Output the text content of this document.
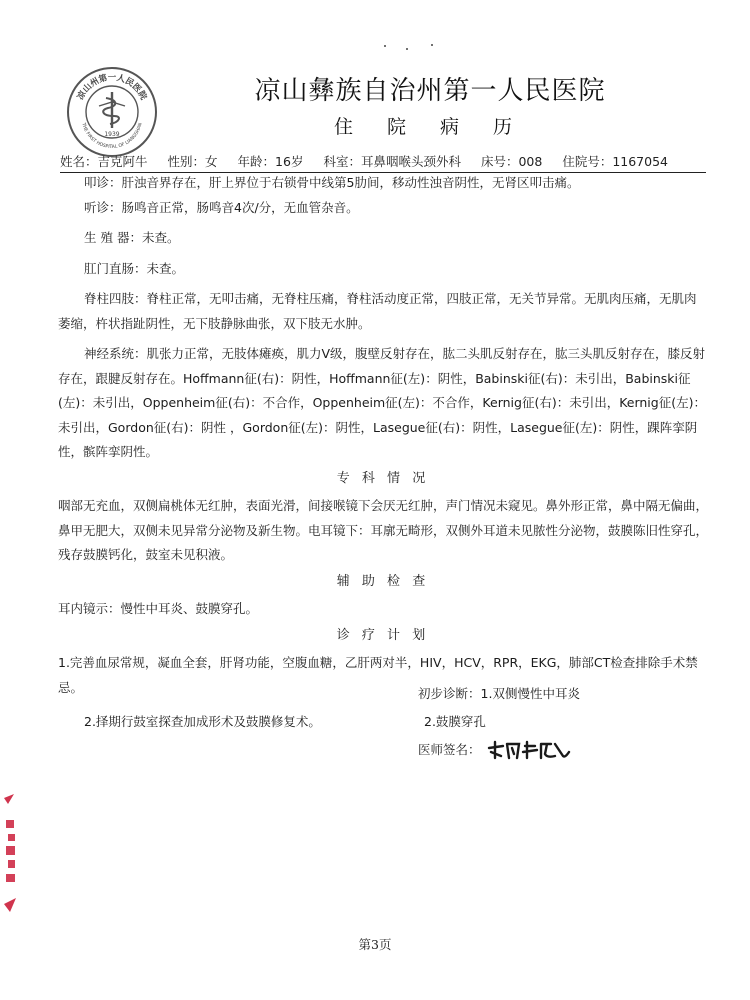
凉山州第一人民医院
THE FIRST HOSPITAL OF LIANGSHAN
1939
凉山彝族自治州第一人民医院
住 院 病 历
姓名：吉克阿牛 性别：女 年龄：16岁 科室：耳鼻咽喉头颈外科 床号：008 住院号：1167054

叩诊：肝浊音界存在，肝上界位于右锁骨中线第5肋间，移动性浊音阴性，无肾区叩击痛。

听诊：肠鸣音正常，肠鸣音4次/分，无血管杂音。

生 殖 器：未查。

肛门直肠：未查。

脊柱四肢：脊柱正常，无叩击痛，无脊柱压痛，脊柱活动度正常，四肢正常，无关节异常。无肌肉压痛，无肌肉萎缩，杵状指趾阴性，无下肢静脉曲张，双下肢无水肿。

神经系统：肌张力正常，无肢体瘫痪，肌力Ⅴ级，腹壁反射存在，肱二头肌反射存在，肱三头肌反射存在，膝反射存在，跟腱反射存在。Hoffmann征(右)：阴性，Hoffmann征(左)：阴性，Babinski征(右)：未引出，Babinski征(左)：未引出，Oppenheim征(右)：不合作，Oppenheim征(左)：不合作，Kernig征(右)：未引出，Kernig征(左)：未引出，Gordon征(右)：阴性 ，Gordon征(左)：阴性，Lasegue征(右)：阴性，Lasegue征(左)：阴性，踝阵挛阴性，髌阵挛阴性。

专 科 情 况

咽部无充血，双侧扁桃体无红肿，表面光滑，间接喉镜下会厌无红肿，声门情况未窥见。鼻外形正常，鼻中隔无偏曲，鼻甲无肥大，双侧未见异常分泌物及新生物。电耳镜下：耳廓无畸形，双侧外耳道未见脓性分泌物，鼓膜陈旧性穿孔，残存鼓膜钙化，鼓室未见积液。

辅 助 检 查

耳内镜示：慢性中耳炎、鼓膜穿孔。

诊 疗 计 划

1.完善血尿常规，凝血全套，肝肾功能，空腹血糖，乙肝两对半，HIV，HCV，RPR，EKG，肺部CT检查排除手术禁忌。

2.择期行鼓室探查加成形术及鼓膜修复术。

初步诊断：1.双侧慢性中耳炎
2.鼓膜穿孔
医师签名：
第3页
